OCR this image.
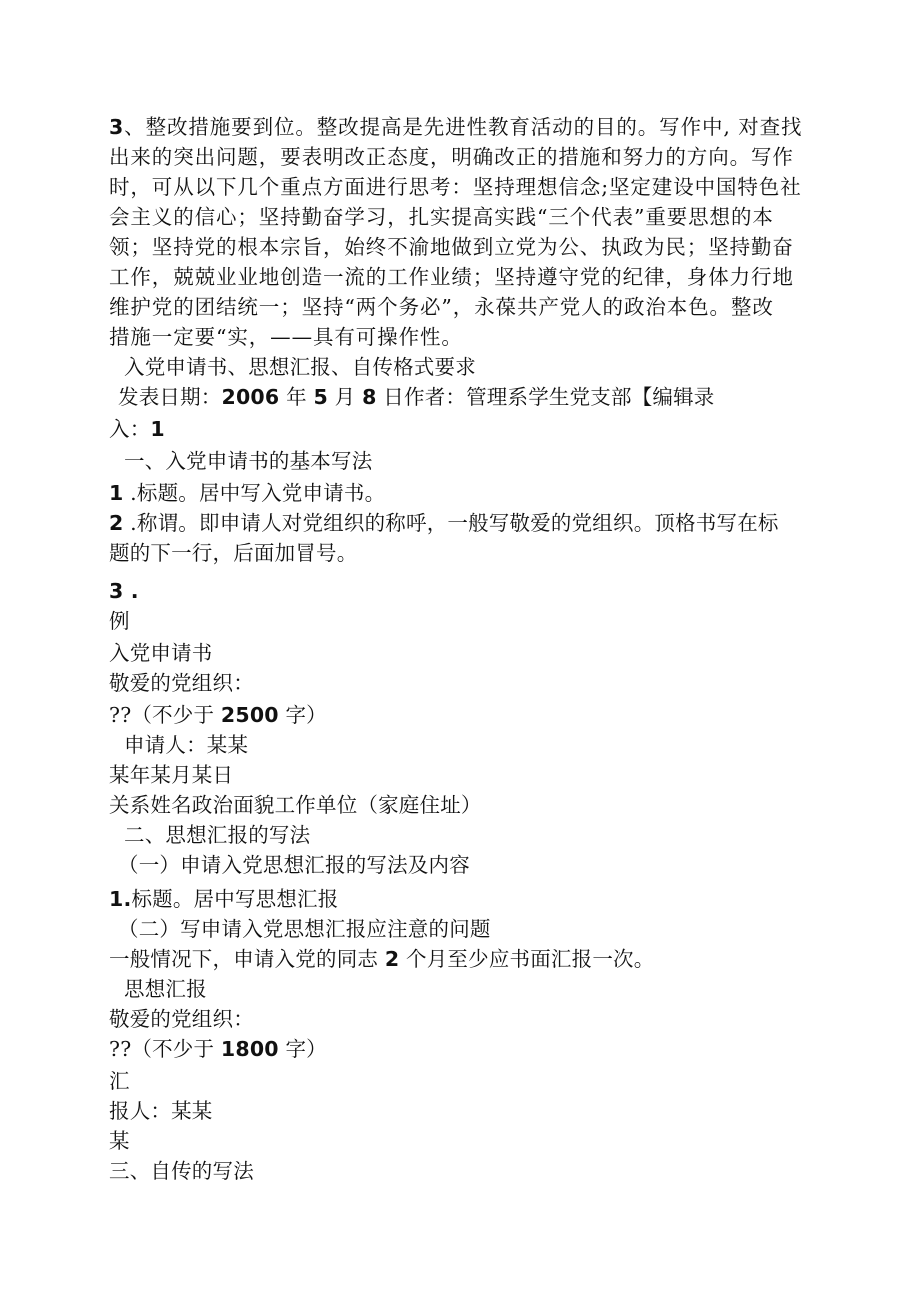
3、整改措施要到位。整改提高是先进性教育活动的目的。写作中, 对查找
出来的突出问题，要表明改正态度，明确改正的措施和努力的方向。写作
时，可从以下几个重点方面进行思考：坚持理想信念;坚定建设中国特色社
会主义的信心；坚持勤奋学习，扎实提高实践“三个代表”重要思想的本
领；坚持党的根本宗旨，始终不渝地做到立党为公、执政为民；坚持勤奋
工作，兢兢业业地创造一流的工作业绩；坚持遵守党的纪律，身体力行地
维护党的团结统一；坚持“两个务必”，永葆共产党人的政治本色。整改
措施一定要“实，——具有可操作性。
入党申请书、思想汇报、自传格式要求
发表日期：2006 年 5 月 8 日作者：管理系学生党支部【编辑录
入：1
一、入党申请书的基本写法
1 .标题。居中写入党申请书。
2 .称谓。即申请人对党组织的称呼，一般写敬爱的党组织。顶格书写在标
题的下一行，后面加冒号。
3 .
例
入党申请书
敬爱的党组织：
??（不少于 2500 字）
申请人：某某
某年某月某日
关系姓名政治面貌工作单位（家庭住址）
二、思想汇报的写法
（一）申请入党思想汇报的写法及内容
1.标题。居中写思想汇报
（二）写申请入党思想汇报应注意的问题
一般情况下，申请入党的同志 2 个月至少应书面汇报一次。
思想汇报
敬爱的党组织：
??（不少于 1800 字）
汇
报人：某某
某
三、自传的写法
